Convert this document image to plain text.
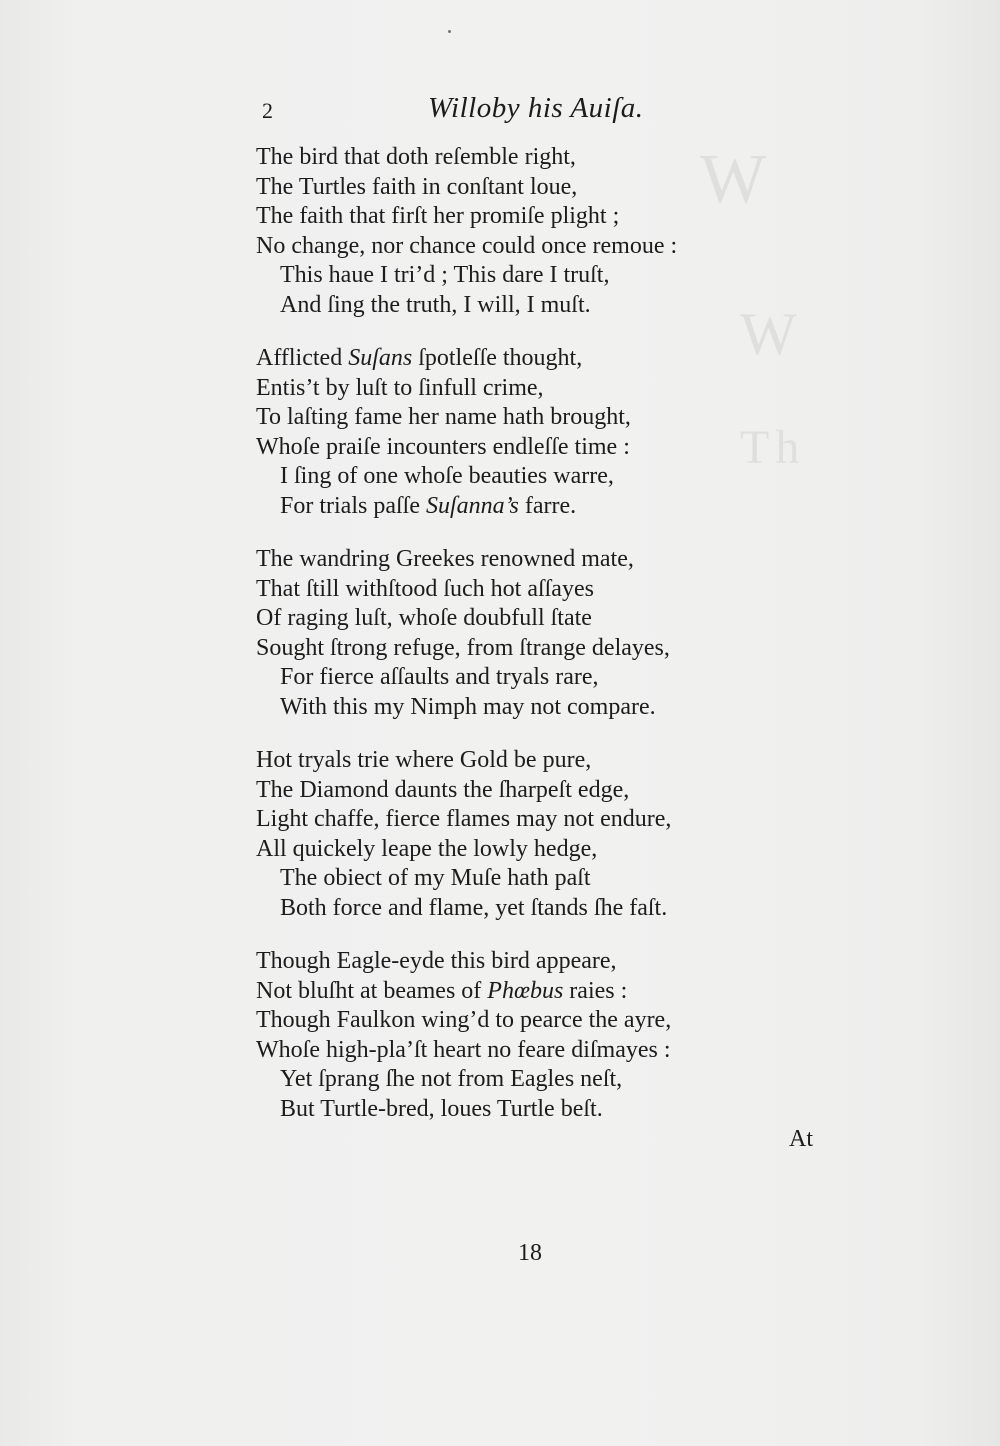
W
W
Th
2	Willoby his Auiſa.
The bird that doth reſemble right,
The Turtles faith in conſtant loue,
The faith that firſt her promiſe plight ;
No change, nor chance could once remoue :
This haue I tri’d ; This dare I truſt,
And ſing the truth, I will, I muſt.
Afflicted Suſans ſpotleſſe thought,
Entis’t by luſt to ſinfull crime,
To laſting fame her name hath brought,
Whoſe praiſe incounters endleſſe time :
I ſing of one whoſe beauties warre,
For trials paſſe Suſanna’s farre.
The wandring Greekes renowned mate,
That ſtill withſtood ſuch hot aſſayes
Of raging luſt, whoſe doubfull ſtate
Sought ſtrong refuge, from ſtrange delayes,
For fierce aſſaults and tryals rare,
With this my Nimph may not compare.
Hot tryals trie where Gold be pure,
The Diamond daunts the ſharpeſt edge,
Light chaffe, fierce flames may not endure,
All quickely leape the lowly hedge,
The obiect of my Muſe hath paſt
Both force and flame, yet ſtands ſhe faſt.
Though Eagle-eyde this bird appeare,
Not bluſht at beames of Phœbus raies :
Though Faulkon wing’d to pearce the ayre,
Whoſe high-pla’ſt heart no feare diſmayes :
Yet ſprang ſhe not from Eagles neſt,
But Turtle-bred, loues Turtle beſt.
At
18
